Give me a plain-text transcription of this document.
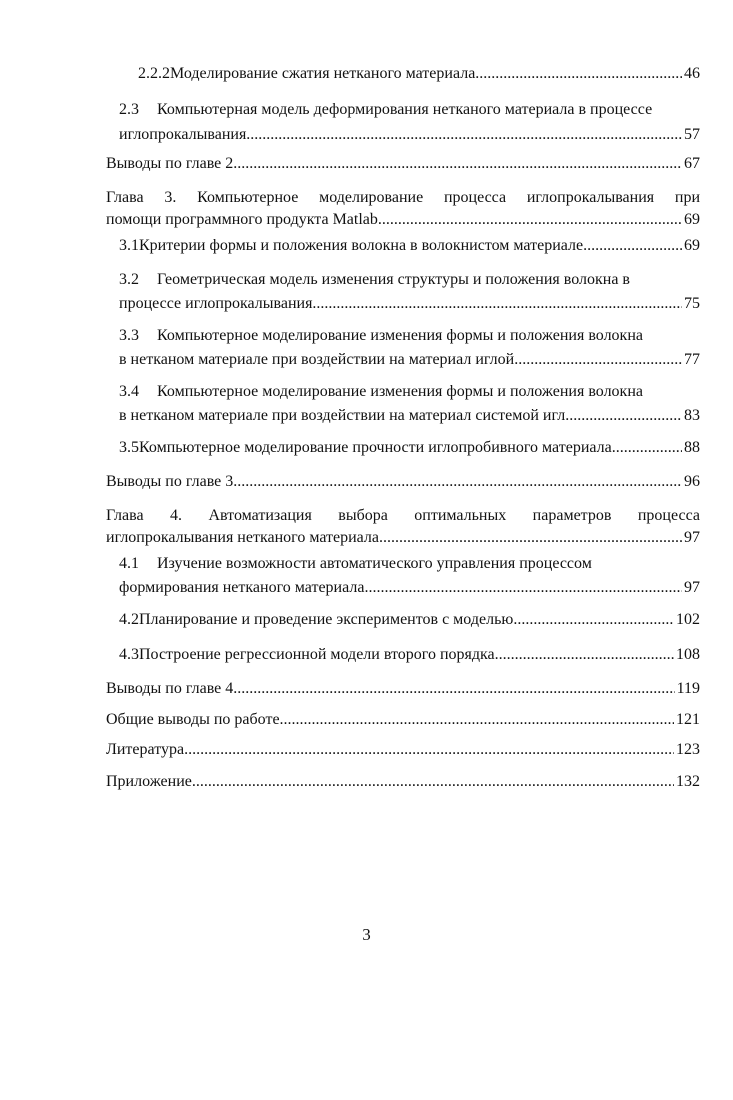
2.2.2 Моделирование сжатия нетканого материала .....	46
2.3	Компьютерная модель деформирования нетканого материала в процессе
иглопрокалывания. .....	57
Выводы по главе 2 .....	67
Глава 3. Компьютерное моделирование процесса иглопрокалывания при
помощи программного продукта Matlab .....	69
3.1 Критерии формы и положения волокна в волокнистом материале .....	69
3.2	Геометрическая модель изменения структуры и положения волокна в
процессе иглопрокалывания .....	75
3.3	Компьютерное моделирование изменения формы и положения волокна
в нетканом материале при воздействии на материал иглой .....	77
3.4	Компьютерное моделирование изменения формы и положения волокна
в нетканом материале при воздействии на материал системой игл .....	83
3.5 Компьютерное моделирование прочности иглопробивного материала. .....	88
Выводы по главе 3 .....	96
Глава 4. Автоматизация выбора оптимальных параметров процесса
иглопрокалывания нетканого материала .....	97
4.1	Изучение возможности автоматического управления процессом
формирования нетканого материала .....	97
4.2 Планирование и проведение экспериментов с моделью .....	102
4.3 Построение регрессионной модели второго порядка .....	108
Выводы по главе 4 .....	119
Общие выводы по работе .....	121
Литература .....	123
Приложение .....	132
3
